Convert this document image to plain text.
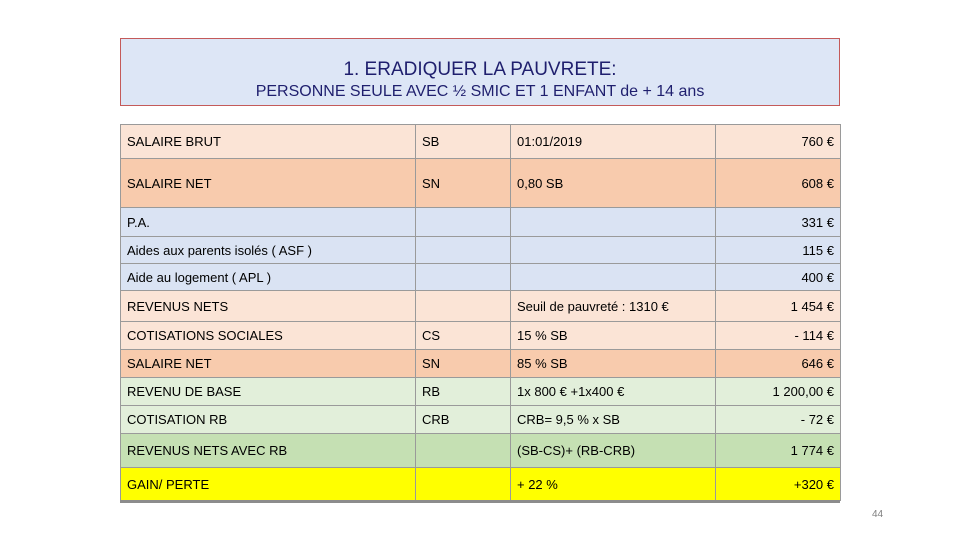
1. ERADIQUER LA PAUVRETE:
PERSONNE SEULE AVEC ½ SMIC ET 1 ENFANT de + 14 ans
SALAIRE BRUT	SB	01:01/2019	760 €
SALAIRE NET	SN	0,80 SB	608 €
P.A.			331 €
Aides aux parents isolés ( ASF )			115 €
Aide au logement ( APL )			400 €
REVENUS NETS		Seuil de pauvreté : 1310 €	1 454 €
COTISATIONS SOCIALES	CS	15 % SB	- 114 €
SALAIRE NET	SN	85 % SB	646 €
REVENU DE BASE	RB	1x 800 € +1x400 €	1 200,00 €
COTISATION RB	CRB	CRB= 9,5 % x SB	- 72 €
REVENUS NETS AVEC RB		(SB-CS)+ (RB-CRB)	1 774 €
GAIN/ PERTE		+ 22 %	+320 €
44
